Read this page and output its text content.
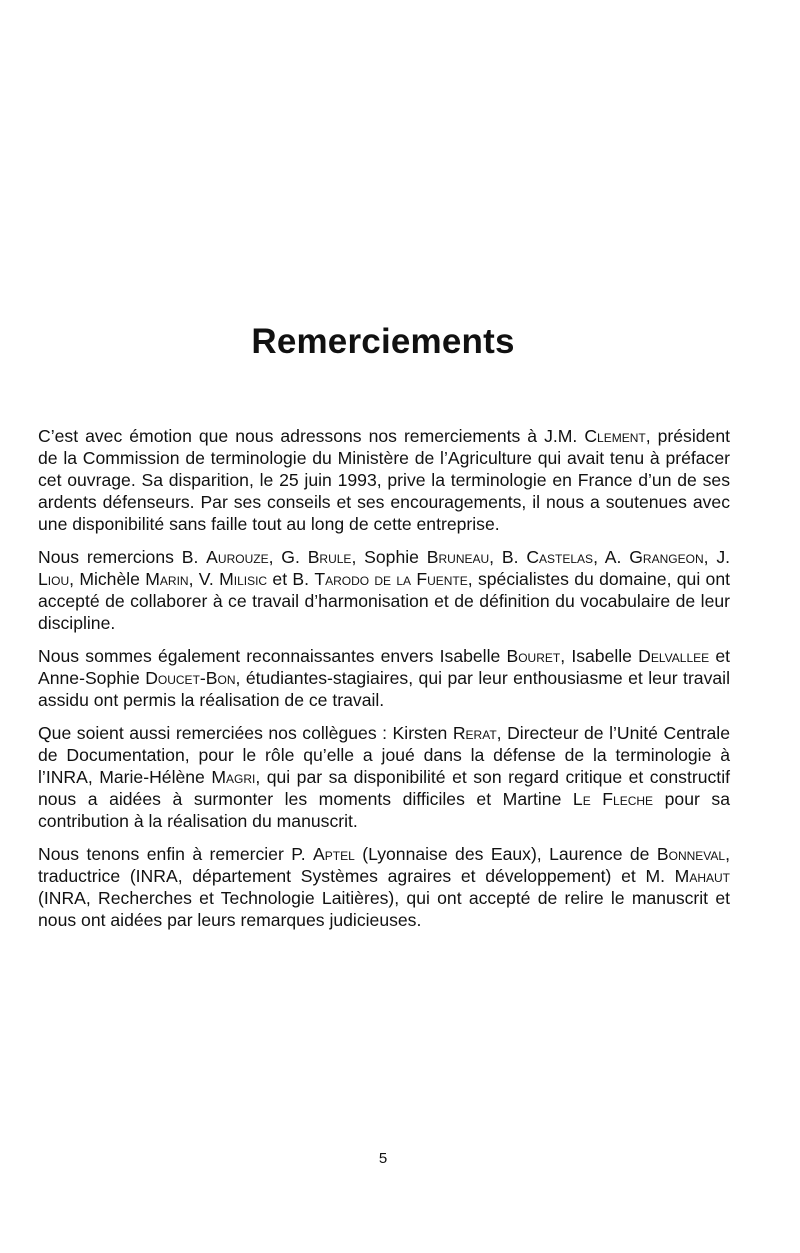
Remerciements

C’est avec émotion que nous adressons nos remerciements à J.M. Clement, président de la Commission de terminologie du Ministère de l’Agriculture qui avait tenu à préfacer cet ouvrage. Sa disparition, le 25 juin 1993, prive la terminologie en France d’un de ses ardents défenseurs. Par ses conseils et ses encouragements, il nous a soutenues avec une disponibilité sans faille tout au long de cette entreprise.

Nous remercions B. Aurouze, G. Brule, Sophie Bruneau, B. Castelas, A. Grangeon, J. Liou, Michèle Marin, V. Milisic et B. Tarodo de la Fuente, spécialistes du domaine, qui ont accepté de collaborer à ce travail d’harmonisation et de définition du vocabulaire de leur discipline.

Nous sommes également reconnaissantes envers Isabelle Bouret, Isabelle Delvallee et Anne-Sophie Doucet-Bon, étudiantes-stagiaires, qui par leur enthousiasme et leur travail assidu ont permis la réalisation de ce travail.

Que soient aussi remerciées nos collègues : Kirsten Rerat, Directeur de l’Unité Centrale de Documentation, pour le rôle qu’elle a joué dans la défense de la terminologie à l’INRA, Marie-Hélène Magri, qui par sa disponibilité et son regard critique et constructif nous a aidées à surmonter les moments difficiles et Martine Le Fleche pour sa contribution à la réalisation du manuscrit.

Nous tenons enfin à remercier P. Aptel (Lyonnaise des Eaux), Laurence de Bonneval, traductrice (INRA, département Systèmes agraires et développement) et M. Mahaut (INRA, Recherches et Technologie Laitières), qui ont accepté de relire le manuscrit et nous ont aidées par leurs remarques judicieuses.

5
